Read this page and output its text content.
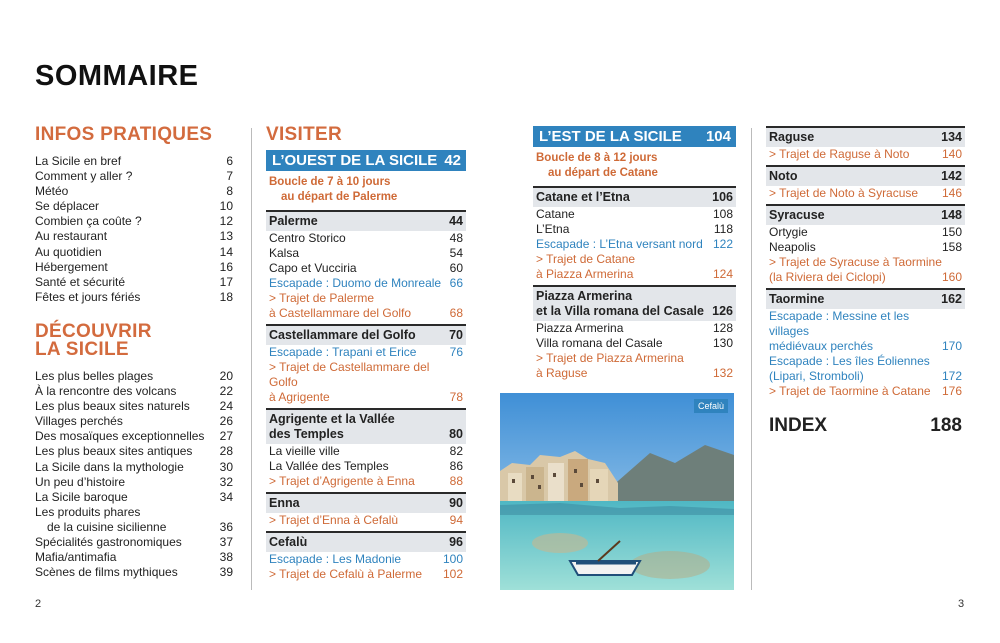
SOMMAIRE
INFOS PRATIQUES
La Sicile en bref	6
Comment y aller ?	7
Météo	8
Se déplacer	10
Combien ça coûte ?	12
Au restaurant	13
Au quotidien	14
Hébergement	16
Santé et sécurité	17
Fêtes et jours fériés	18
DÉCOUVRIR
LA SICILE
Les plus belles plages	20
À la rencontre des volcans	22
Les plus beaux sites naturels	24
Villages perchés	26
Des mosaïques exceptionnelles	27
Les plus beaux sites antiques	28
La Sicile dans la mythologie	30
Un peu d’histoire	32
La Sicile baroque	34
Les produits phares
de la cuisine sicilienne	36
Spécialités gastronomiques	37
Mafia/antimafia	38
Scènes de films mythiques	39
VISITER
L’OUEST DE LA SICILE 42
Boucle de 7 à 10 jours
au départ de Palerme
Palerme	44
Centro Storico	48
Kalsa	54
Capo et Vucciria	60
Escapade : Duomo de Monreale 66
> Trajet de Palerme
à Castellammare del Golfo	68
Castellammare del Golfo	70
Escapade : Trapani et Erice	76
> Trajet de Castellammare del Golfo
à Agrigente	78
Agrigente et la Vallée
des Temples	80
La vieille ville	82
La Vallée des Temples	86
> Trajet d’Agrigente à Enna	88
Enna	90
> Trajet d’Enna à Cefalù	94
Cefalù	96
Escapade : Les Madonie	100
> Trajet de Cefalù à Palerme 102
L’EST DE LA SICILE 104
Boucle de 8 à 12 jours
au départ de Catane
Catane et l’Etna	106
Catane	108
L’Etna	118
Escapade : L’Etna versant nord 122
> Trajet de Catane
à Piazza Armerina	124
Piazza Armerina
et la Villa romana del Casale 126
Piazza Armerina	128
Villa romana del Casale	130
> Trajet de Piazza Armerina
à Raguse	132
Cefalù
Raguse	134
> Trajet de Raguse à Noto	140
Noto	142
> Trajet de Noto à Syracuse 146
Syracuse	148
Ortygie	150
Neapolis	158
> Trajet de Syracuse à Taormine
(la Riviera dei Ciclopi)	160
Taormine	162
Escapade : Messine et les villages
médiévaux perchés	170
Escapade : Les îles Éoliennes
(Lipari, Stromboli)	172
> Trajet de Taormine à Catane 176
INDEX	188
2	3
